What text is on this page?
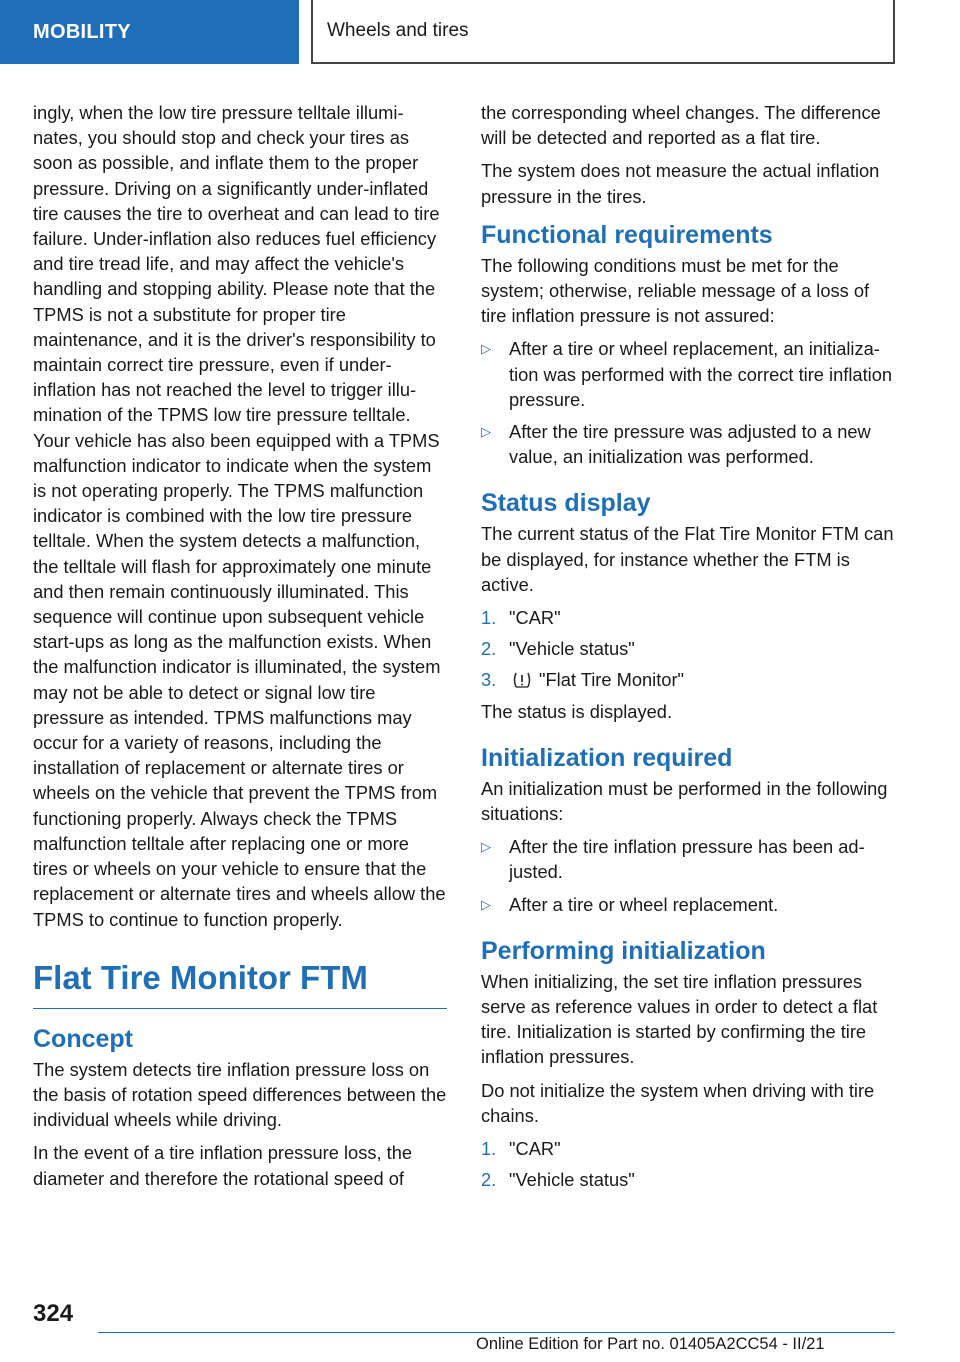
MOBILITY	Wheels and tires

ingly, when the low tire pressure telltale illuminates, you should stop and check your tires as soon as possible, and inflate them to the proper pressure. Driving on a significantly under-inflated tire causes the tire to overheat and can lead to tire failure. Under-inflation also reduces fuel efficiency and tire tread life, and may affect the vehicle's handling and stopping ability. Please note that the TPMS is not a substitute for proper tire maintenance, and it is the driver's responsibility to maintain correct tire pressure, even if under-inflation has not reached the level to trigger illumination of the TPMS low tire pressure telltale. Your vehicle has also been equipped with a TPMS malfunction indicator to indicate when the system is not operating properly. The TPMS malfunction indicator is combined with the low tire pressure telltale. When the system detects a malfunction, the telltale will flash for approximately one minute and then remain continuously illuminated. This sequence will continue upon subsequent vehicle start-ups as long as the malfunction exists. When the malfunction indicator is illuminated, the system may not be able to detect or signal low tire pressure as intended. TPMS malfunctions may occur for a variety of reasons, including the installation of replacement or alternate tires or wheels on the vehicle that prevent the TPMS from functioning properly. Always check the TPMS malfunction telltale after replacing one or more tires or wheels on your vehicle to ensure that the replacement or alternate tires and wheels allow the TPMS to continue to function properly.

Flat Tire Monitor FTM
Concept

The system detects tire inflation pressure loss on the basis of rotation speed differences between the individual wheels while driving.

In the event of a tire inflation pressure loss, the diameter and therefore the rotational speed of

the corresponding wheel changes. The difference will be detected and reported as a flat tire.

The system does not measure the actual inflation pressure in the tires.

Functional requirements

The following conditions must be met for the system; otherwise, reliable message of a loss of tire inflation pressure is not assured:

▷ After a tire or wheel replacement, an initialization was performed with the correct tire inflation pressure.
▷ After the tire pressure was adjusted to a new value, an initialization was performed.
Status display

The current status of the Flat Tire Monitor FTM can be displayed, for instance whether the FTM is active.

1. "CAR"
2. "Vehicle status"
3. "Flat Tire Monitor"

The status is displayed.

Initialization required

An initialization must be performed in the following situations:

▷ After the tire inflation pressure has been adjusted.
▷ After a tire or wheel replacement.
Performing initialization

When initializing, the set tire inflation pressures serve as reference values in order to detect a flat tire. Initialization is started by confirming the tire inflation pressures.

Do not initialize the system when driving with tire chains.

1. "CAR"
2. "Vehicle status"
324
Online Edition for Part no. 01405A2CC54 - II/21
